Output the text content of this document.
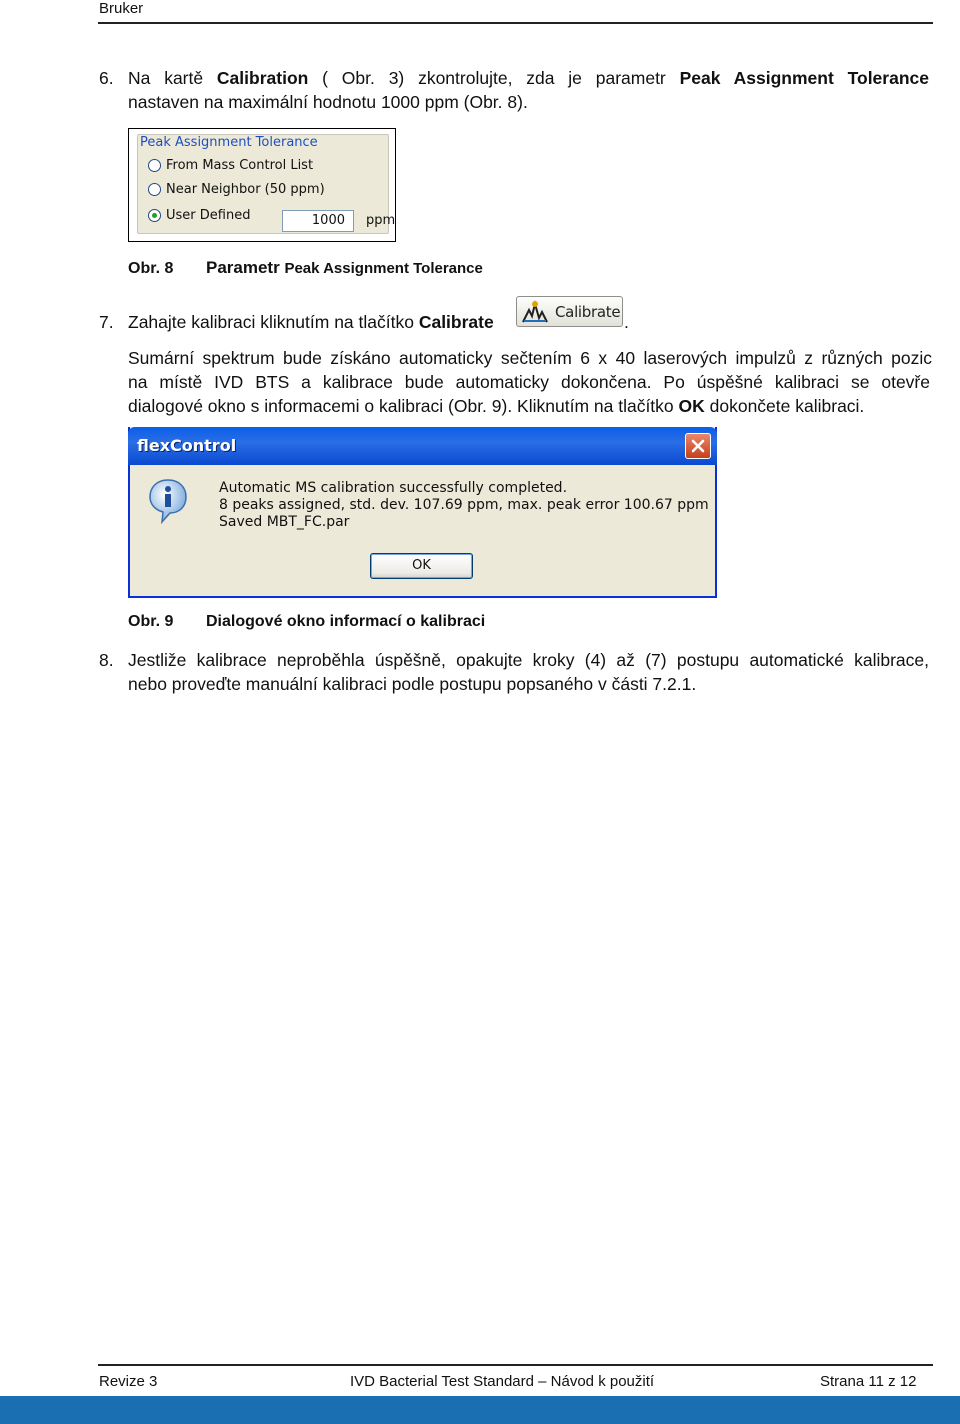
Bruker
6. Na kartě Calibration ( Obr. 3) zkontrolujte, zda je parametr Peak Assignment Tolerance
nastaven na maximální hodnotu 1000 ppm (Obr. 8).
From Mass Control List
Near Neighbor (50 ppm)
User Defined	1000	ppm
Peak Assignment Tolerance
Obr. 8 Parametr Peak Assignment Tolerance
7. Zahajte kalibraci kliknutím na tlačítko Calibrate
Calibrate
.
Sumární spektrum bude získáno automaticky sečtením 6 x 40 laserových impulzů z různých pozic
na místě IVD BTS a kalibrace bude automaticky dokončena. Po úspěšné kalibraci se otevře
dialogové okno s informacemi o kalibraci (Obr. 9). Kliknutím na tlačítko OK dokončete kalibraci.
flexControl
Automatic MS calibration successfully completed.
8 peaks assigned, std. dev. 107.69 ppm, max. peak error 100.67 ppm
Saved MBT_FC.par
OK
Obr. 9 Dialogové okno informací o kalibraci
8. Jestliže kalibrace neproběhla úspěšně, opakujte kroky (4) až (7) postupu automatické kalibrace,
nebo proveďte manuální kalibraci podle postupu popsaného v části 7.2.1.
Revize 3	IVD Bacterial Test Standard – Návod k použití	Strana 11 z 12
